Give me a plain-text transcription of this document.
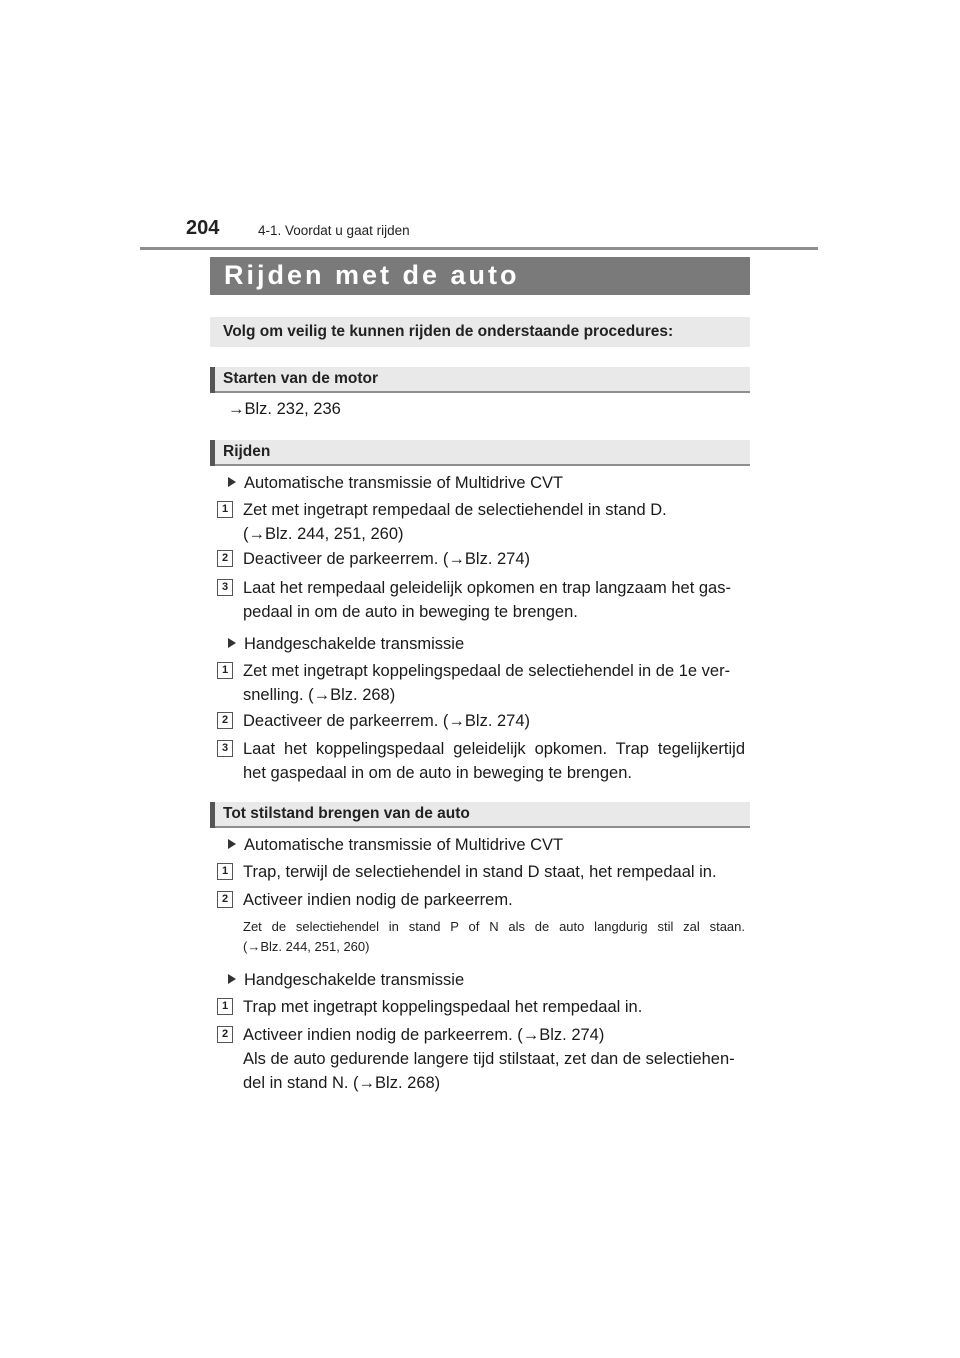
204	4-1. Voordat u gaat rijden
Rijden met de auto
Volg om veilig te kunnen rijden de onderstaande procedures:
Starten van de motor
→Blz. 232, 236
Rijden
Automatische transmissie of Multidrive CVT
1 Zet met ingetrapt rempedaal de selectiehendel in stand D.
(→Blz. 244, 251, 260)
2 Deactiveer de parkeerrem. (→Blz. 274)
3 Laat het rempedaal geleidelijk opkomen en trap langzaam het gas-
pedaal in om de auto in beweging te brengen.
Handgeschakelde transmissie
1 Zet met ingetrapt koppelingspedaal de selectiehendel in de 1e ver-
snelling. (→Blz. 268)
2 Deactiveer de parkeerrem. (→Blz. 274)
3 Laat het koppelingspedaal geleidelijk opkomen. Trap tegelijkertijd
het gaspedaal in om de auto in beweging te brengen.
Tot stilstand brengen van de auto
Automatische transmissie of Multidrive CVT
1 Trap, terwijl de selectiehendel in stand D staat, het rempedaal in.
2 Activeer indien nodig de parkeerrem.
Zet de selectiehendel in stand P of N als de auto langdurig stil zal staan.
(→Blz. 244, 251, 260)
Handgeschakelde transmissie
1 Trap met ingetrapt koppelingspedaal het rempedaal in.
2 Activeer indien nodig de parkeerrem. (→Blz. 274)
Als de auto gedurende langere tijd stilstaat, zet dan de selectiehen-
del in stand N. (→Blz. 268)
